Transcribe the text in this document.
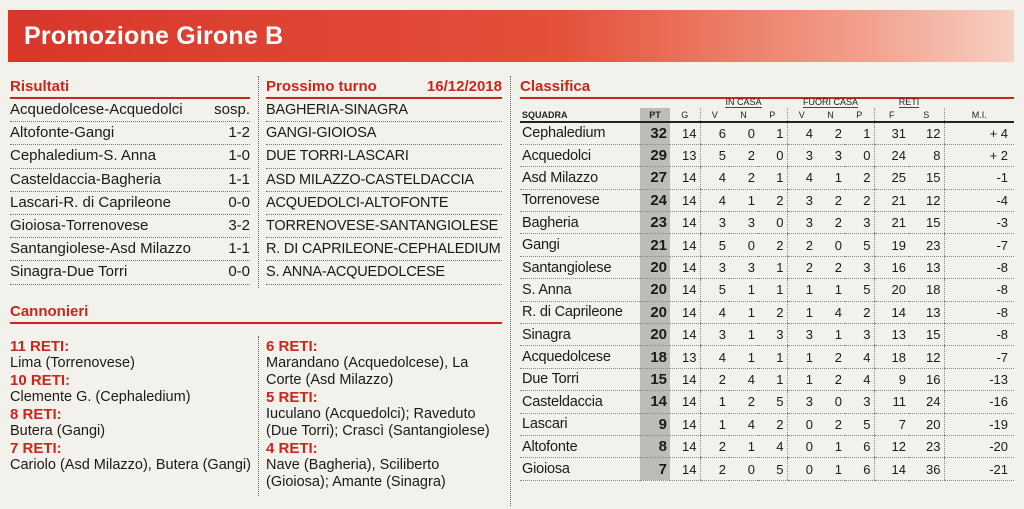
Promozione Girone B
Risultati
Acquedolcese-Acquedolci sosp.
Altofonte-Gangi	1-2
Cephaledium-S. Anna	1-0
Casteldaccia-Bagheria	1-1
Lascari-R. di Caprileone	0-0
Gioiosa-Torrenovese	3-2
Santangiolese-Asd Milazzo 1-1
Sinagra-Due Torri	0-0
Prossimo turno	16/12/2018
BAGHERIA-SINAGRA
GANGI-GIOIOSA
DUE TORRI-LASCARI
ASD MILAZZO-CASTELDACCIA
ACQUEDOLCI-ALTOFONTE
TORRENOVESE-SANTANGIOLESE
R. DI CAPRILEONE-CEPHALEDIUM
S. ANNA-ACQUEDOLCESE
Cannonieri
11 RETI:
Lima (Torrenovese)
10 RETI:
Clemente G. (Cephaledium)
8 RETI:
Butera (Gangi)
7 RETI:
Cariolo (Asd Milazzo), Butera (Gangi)
6 RETI:
Marandano (Acquedolcese), La Corte (Asd Milazzo)
5 RETI:
Iuculano (Acquedolci); Raveduto (Due Torri); Crascì (Santangiolese)
4 RETI:
Nave (Bagheria), Sciliberto (Gioiosa); Amante (Sinagra)
Classifica
			IN CASA			FUORI CASA			RETI		
SQUADRA	PT	G	V	N	P	V	N	P	F	S	M.I.
Cephaledium	32	14	6	0	1	4	2	1	31	12	+ 4
Acquedolci	29	13	5	2	0	3	3	0	24	8	+ 2
Asd Milazzo	27	14	4	2	1	4	1	2	25	15	-1
Torrenovese	24	14	4	1	2	3	2	2	21	12	-4
Bagheria	23	14	3	3	0	3	2	3	21	15	-3
Gangi	21	14	5	0	2	2	0	5	19	23	-7
Santangiolese	20	14	3	3	1	2	2	3	16	13	-8
S. Anna	20	14	5	1	1	1	1	5	20	18	-8
R. di Caprileone	20	14	4	1	2	1	4	2	14	13	-8
Sinagra	20	14	3	1	3	3	1	3	13	15	-8
Acquedolcese	18	13	4	1	1	1	2	4	18	12	-7
Due Torri	15	14	2	4	1	1	2	4	9	16	-13
Casteldaccia	14	14	1	2	5	3	0	3	11	24	-16
Lascari	9	14	1	4	2	0	2	5	7	20	-19
Altofonte	8	14	2	1	4	0	1	6	12	23	-20
Gioiosa	7	14	2	0	5	0	1	6	14	36	-21
